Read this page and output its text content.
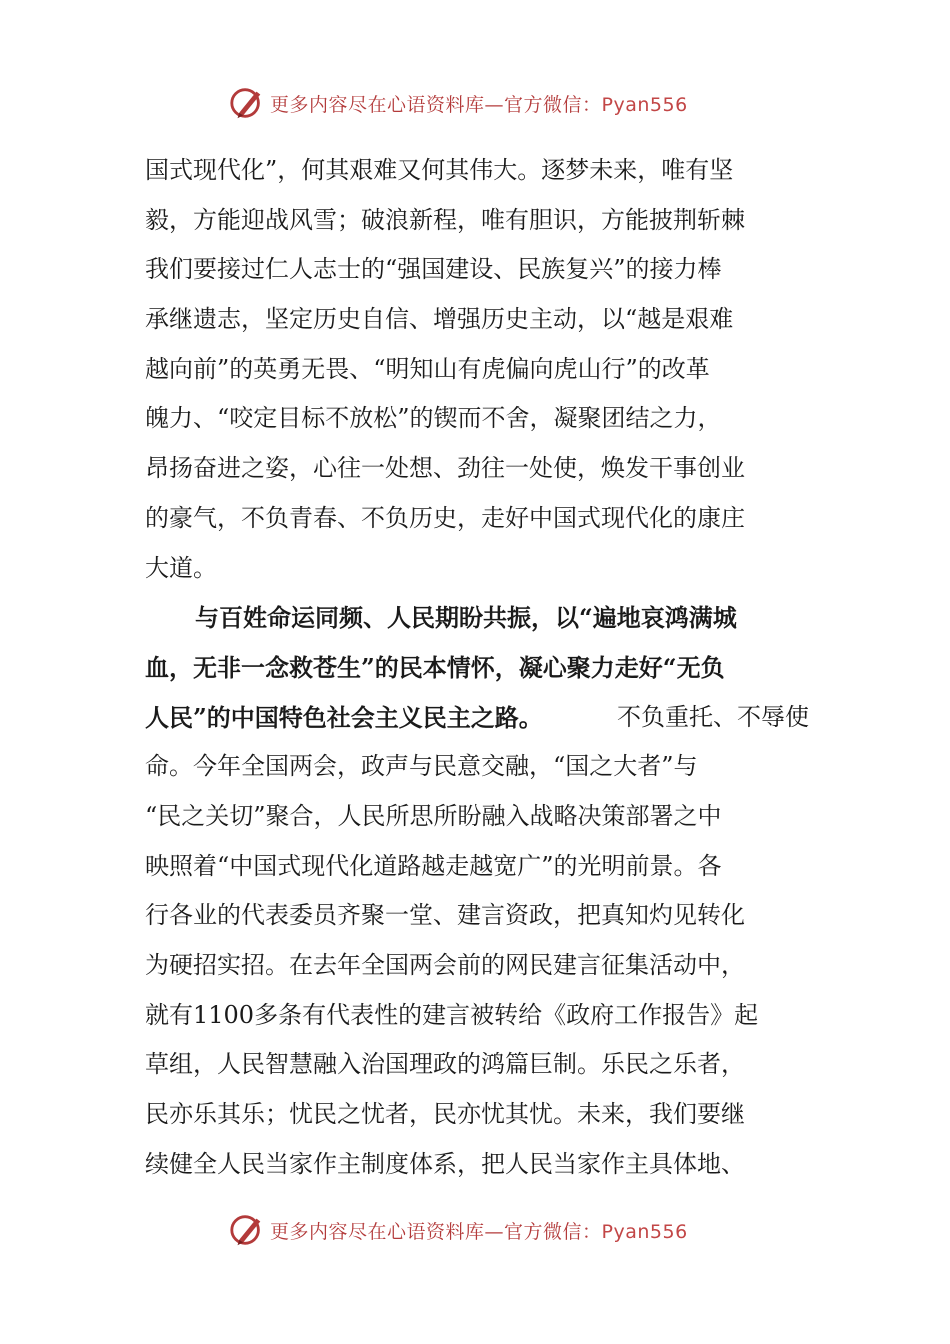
更多内容尽在心语资料库—官方微信：Pyan556
国式现代化”，何其艰难又何其伟大。逐梦未来，唯有坚
毅，方能迎战风雪；破浪新程，唯有胆识，方能披荆斩棘
我们要接过仁人志士的“强国建设、民族复兴”的接力棒
承继遗志，坚定历史自信、增强历史主动，以“越是艰难
越向前”的英勇无畏、“明知山有虎偏向虎山行”的改革
魄力、“咬定目标不放松”的锲而不舍，凝聚团结之力，
昂扬奋进之姿，心往一处想、劲往一处使，焕发干事创业
的豪气，不负青春、不负历史，走好中国式现代化的康庄
大道。
与百姓命运同频、人民期盼共振，以“遍地哀鸿满城
血，无非一念救苍生”的民本情怀，凝心聚力走好“无负
人民”的中国特色社会主义民主之路。	不负重托、不辱使
命。今年全国两会，政声与民意交融，“国之大者”与
“民之关切”聚合，人民所思所盼融入战略决策部署之中
映照着“中国式现代化道路越走越宽广”的光明前景。各
行各业的代表委员齐聚一堂、建言资政，把真知灼见转化
为硬招实招。在去年全国两会前的网民建言征集活动中，
就有1100多条有代表性的建言被转给《政府工作报告》起
草组，人民智慧融入治国理政的鸿篇巨制。乐民之乐者，
民亦乐其乐；忧民之忧者，民亦忧其忧。未来，我们要继
续健全人民当家作主制度体系，把人民当家作主具体地、
更多内容尽在心语资料库—官方微信：Pyan556
